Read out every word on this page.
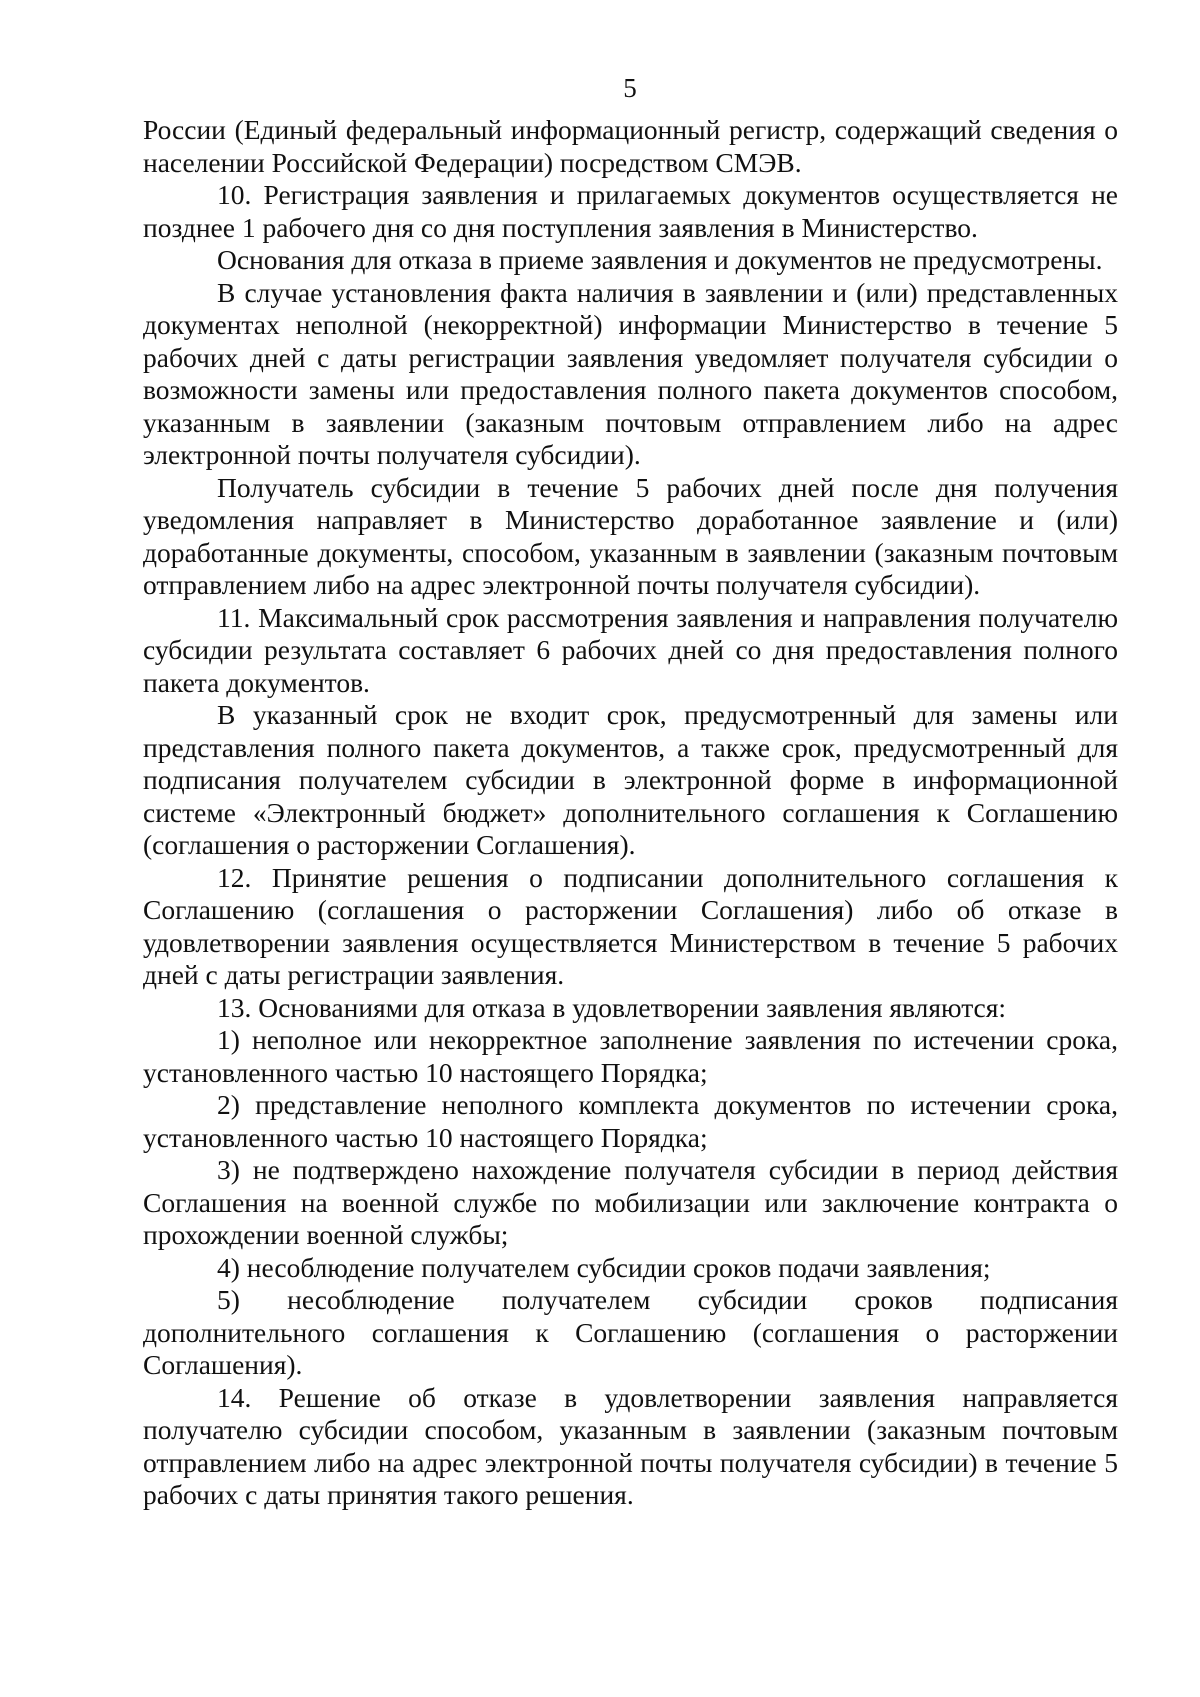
5

России (Единый федеральный информационный регистр, содержащий сведения о населении Российской Федерации) посредством СМЭВ.

10. Регистрация заявления и прилагаемых документов осуществляется не позднее 1 рабочего дня со дня поступления заявления в Министерство.

Основания для отказа в приеме заявления и документов не предусмотрены.

В случае установления факта наличия в заявлении и (или) представленных документах неполной (некорректной) информации Министерство в течение 5 рабочих дней с даты регистрации заявления уведомляет получателя субсидии о возможности замены или предоставления полного пакета документов способом, указанным в заявлении (заказным почтовым отправлением либо на адрес электронной почты получателя субсидии).

Получатель субсидии в течение 5 рабочих дней после дня получения уведомления направляет в Министерство доработанное заявление и (или) доработанные документы, способом, указанным в заявлении (заказным почтовым отправлением либо на адрес электронной почты получателя субсидии).

11. Максимальный срок рассмотрения заявления и направления получателю субсидии результата составляет 6 рабочих дней со дня предоставления полного пакета документов.

В указанный срок не входит срок, предусмотренный для замены или представления полного пакета документов, а также срок, предусмотренный для подписания получателем субсидии в электронной форме в информационной системе «Электронный бюджет» дополнительного соглашения к Соглашению (соглашения о расторжении Соглашения).

12. Принятие решения о подписании дополнительного соглашения к Соглашению (соглашения о расторжении Соглашения) либо об отказе в удовлетворении заявления осуществляется Министерством в течение 5 рабочих дней с даты регистрации заявления.

13. Основаниями для отказа в удовлетворении заявления являются:

1) неполное или некорректное заполнение заявления по истечении срока, установленного частью 10 настоящего Порядка;

2) представление неполного комплекта документов по истечении срока, установленного частью 10 настоящего Порядка;

3) не подтверждено нахождение получателя субсидии в период действия Соглашения на военной службе по мобилизации или заключение контракта о прохождении военной службы;

4) несоблюдение получателем субсидии сроков подачи заявления;

5) несоблюдение получателем субсидии сроков подписания дополнительного соглашения к Соглашению (соглашения о расторжении Соглашения).

14. Решение об отказе в удовлетворении заявления направляется получателю субсидии способом, указанным в заявлении (заказным почтовым отправлением либо на адрес электронной почты получателя субсидии) в течение 5 рабочих с даты принятия такого решения.
